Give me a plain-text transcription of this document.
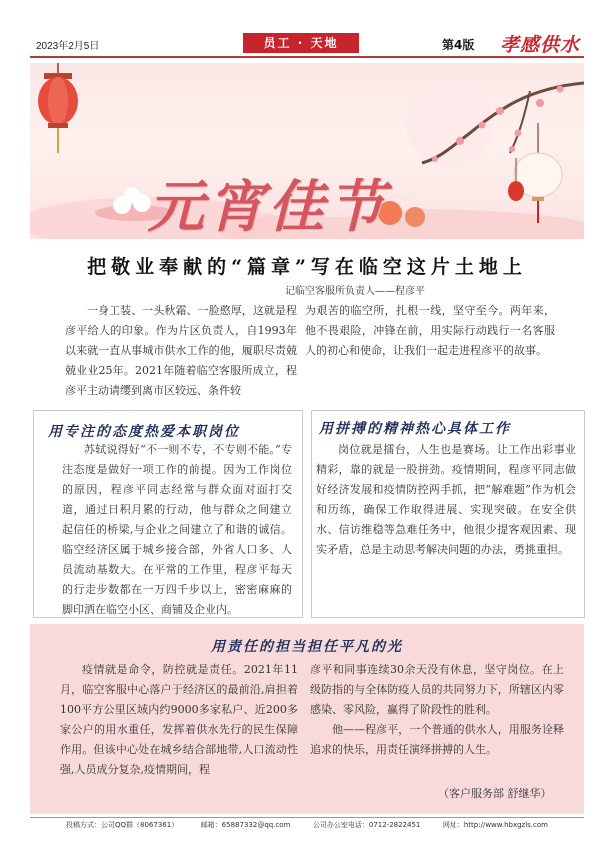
2023年2月5日	员工 · 天地	第4版 孝感供水
元宵佳节
把敬业奉献的“篇章”写在临空这片土地上
记临空客服所负责人——程彦平

一身工装、一头秋霜、一脸憨厚，这就是程彦平给人的印象。作为片区负责人，自1993年以来就一直从事城市供水工作的他，履职尽责兢兢业业25年。2021年随着临空客服所成立，程彦平主动请缨到离市区较远、条件较

为艰苦的临空所，扎根一线，坚守至今。两年来，他不畏艰险，冲锋在前，用实际行动践行一名客服人的初心和使命，让我们一起走进程彦平的故事。

用专注的态度热爱本职岗位

苏轼说得好“不一则不专，不专则不能。”专注态度是做好一项工作的前提。因为工作岗位的原因，程彦平同志经常与群众面对面打交道，通过日积月累的行动，他与群众之间建立起信任的桥梁,与企业之间建立了和谐的诚信。临空经济区属于城乡接合部，外省人口多、人员流动基数大。在平常的工作里，程彦平每天的行走步数都在一万四千步以上，密密麻麻的脚印洒在临空小区、商铺及企业内。

用拼搏的精神热心具体工作

岗位就是擂台，人生也是赛场。让工作出彩事业精彩，靠的就是一股拼劲。疫情期间，程彦平同志做好经济发展和疫情防控两手抓，把“解难题”作为机会和历练，确保工作取得进展、实现突破。在安全供水、信访维稳等急难任务中，他很少提客观因素、现实矛盾，总是主动思考解决问题的办法，勇挑重担。

用责任的担当担任平凡的光

疫情就是命令，防控就是责任。2021年11月，临空客服中心落户于经济区的最前沿,肩担着100平方公里区域内约9000多家私户、近200多家公户的用水重任，发挥着供水先行的民生保障作用。但该中心处在城乡结合部地带,人口流动性强,人员成分复杂,疫情期间，程

彦平和同事连续30余天没有休息，坚守岗位。在上级防指的与全体防疫人员的共同努力下，所辖区内零感染、零风险，赢得了阶段性的胜利。

他——程彦平，一个普通的供水人，用服务诠释追求的快乐，用责任演绎拼搏的人生。

（客户服务部 舒继华）
投稿方式：公司QQ群（8067361）	邮箱：65887332@qq.com	公司办公室电话：0712-2822451	网址：http://www.hbxgzls.com
